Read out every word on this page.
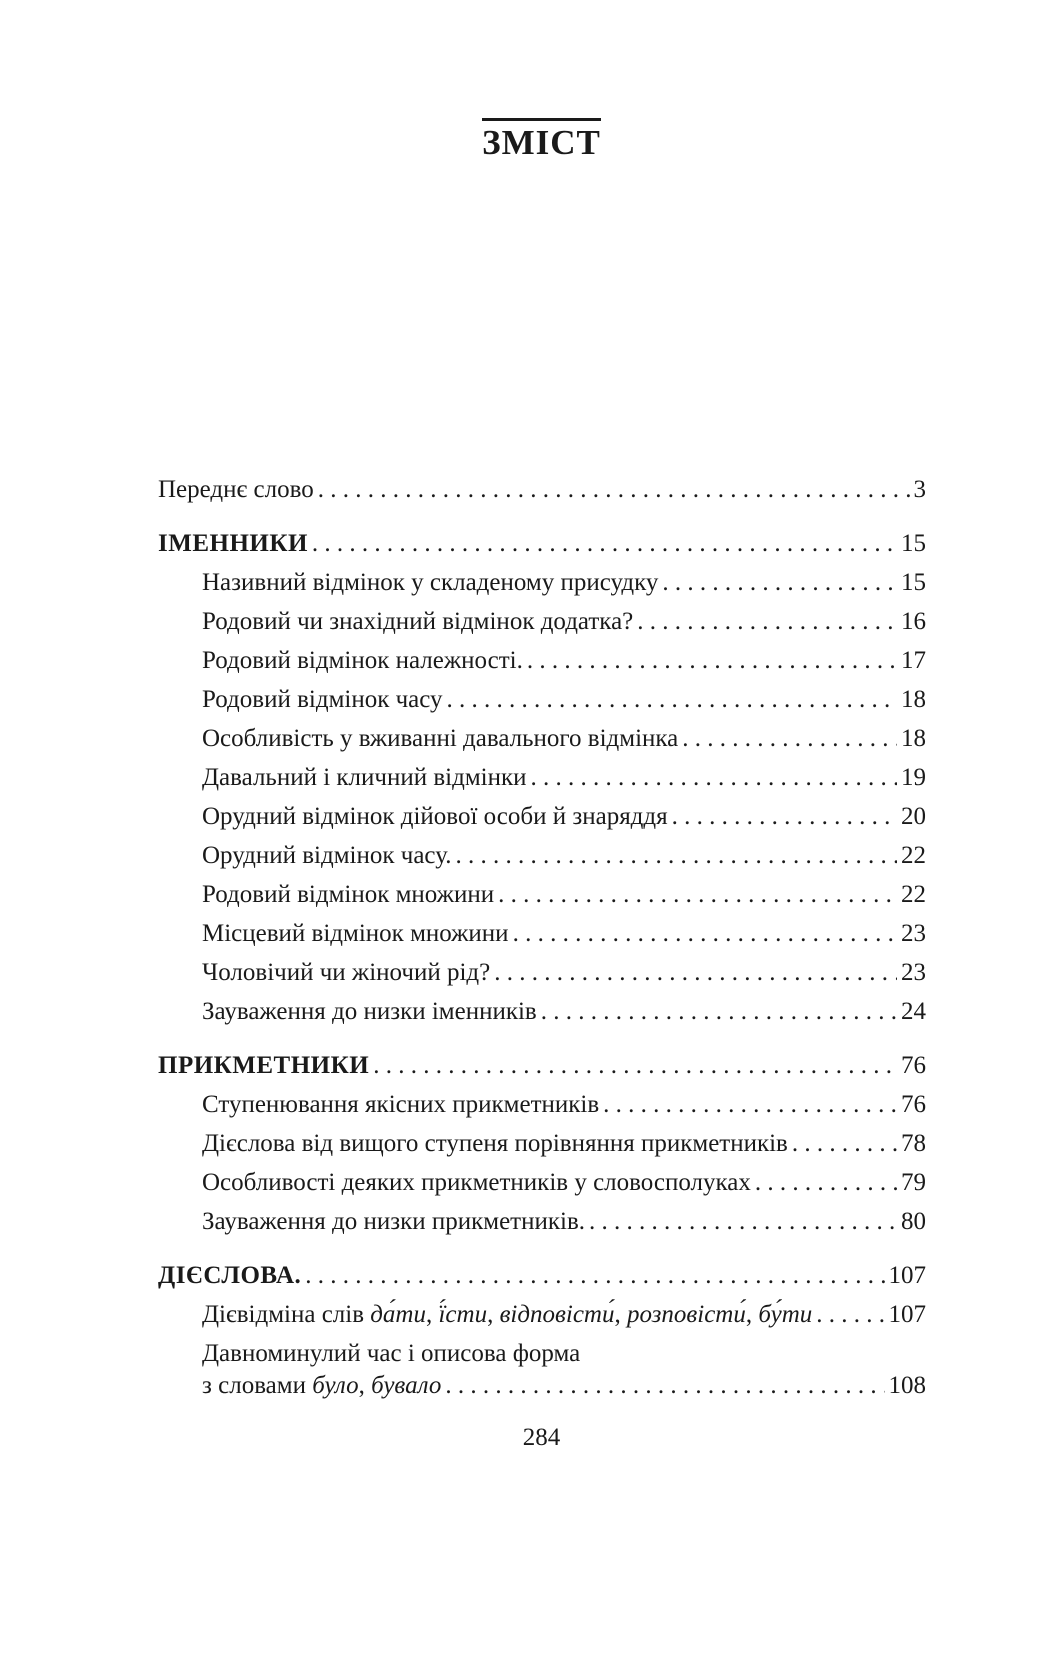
ЗМІСТ
Переднє слово . . .	3
ІМЕННИКИ . . .	15
Називний відмінок у складеному присудку . . .	15
Родовий чи знахідний відмінок додатка? . . .	16
Родовий відмінок належності. . . .	17
Родовий відмінок часу . . .	18
Особливість у вживанні давального відмінка . . .	18
Давальний і кличний відмінки . . .	19
Орудний відмінок дійової особи й знаряддя . . .	20
Орудний відмінок часу. . . .	22
Родовий відмінок множини . . .	22
Місцевий відмінок множини . . .	23
Чоловічий чи жіночий рід? . . .	23
Зауваження до низки іменників . . .	24
ПРИКМЕТНИКИ . . .	76
Ступенювання якісних прикметників . . .	76
Дієслова від вищого ступеня порівняння прикметників . . .	78
Особливості деяких прикметників у словосполуках . . .	79
Зауваження до низки прикметників. . . .	80
ДІЄСЛОВА. . . .	107
Дієвідміна слів да́ти, ї́сти, відповісти́, розповісти́, бу́ти . . .	107
Давноминулий час і описова форма
з словами було, бувало . . .	108
284
